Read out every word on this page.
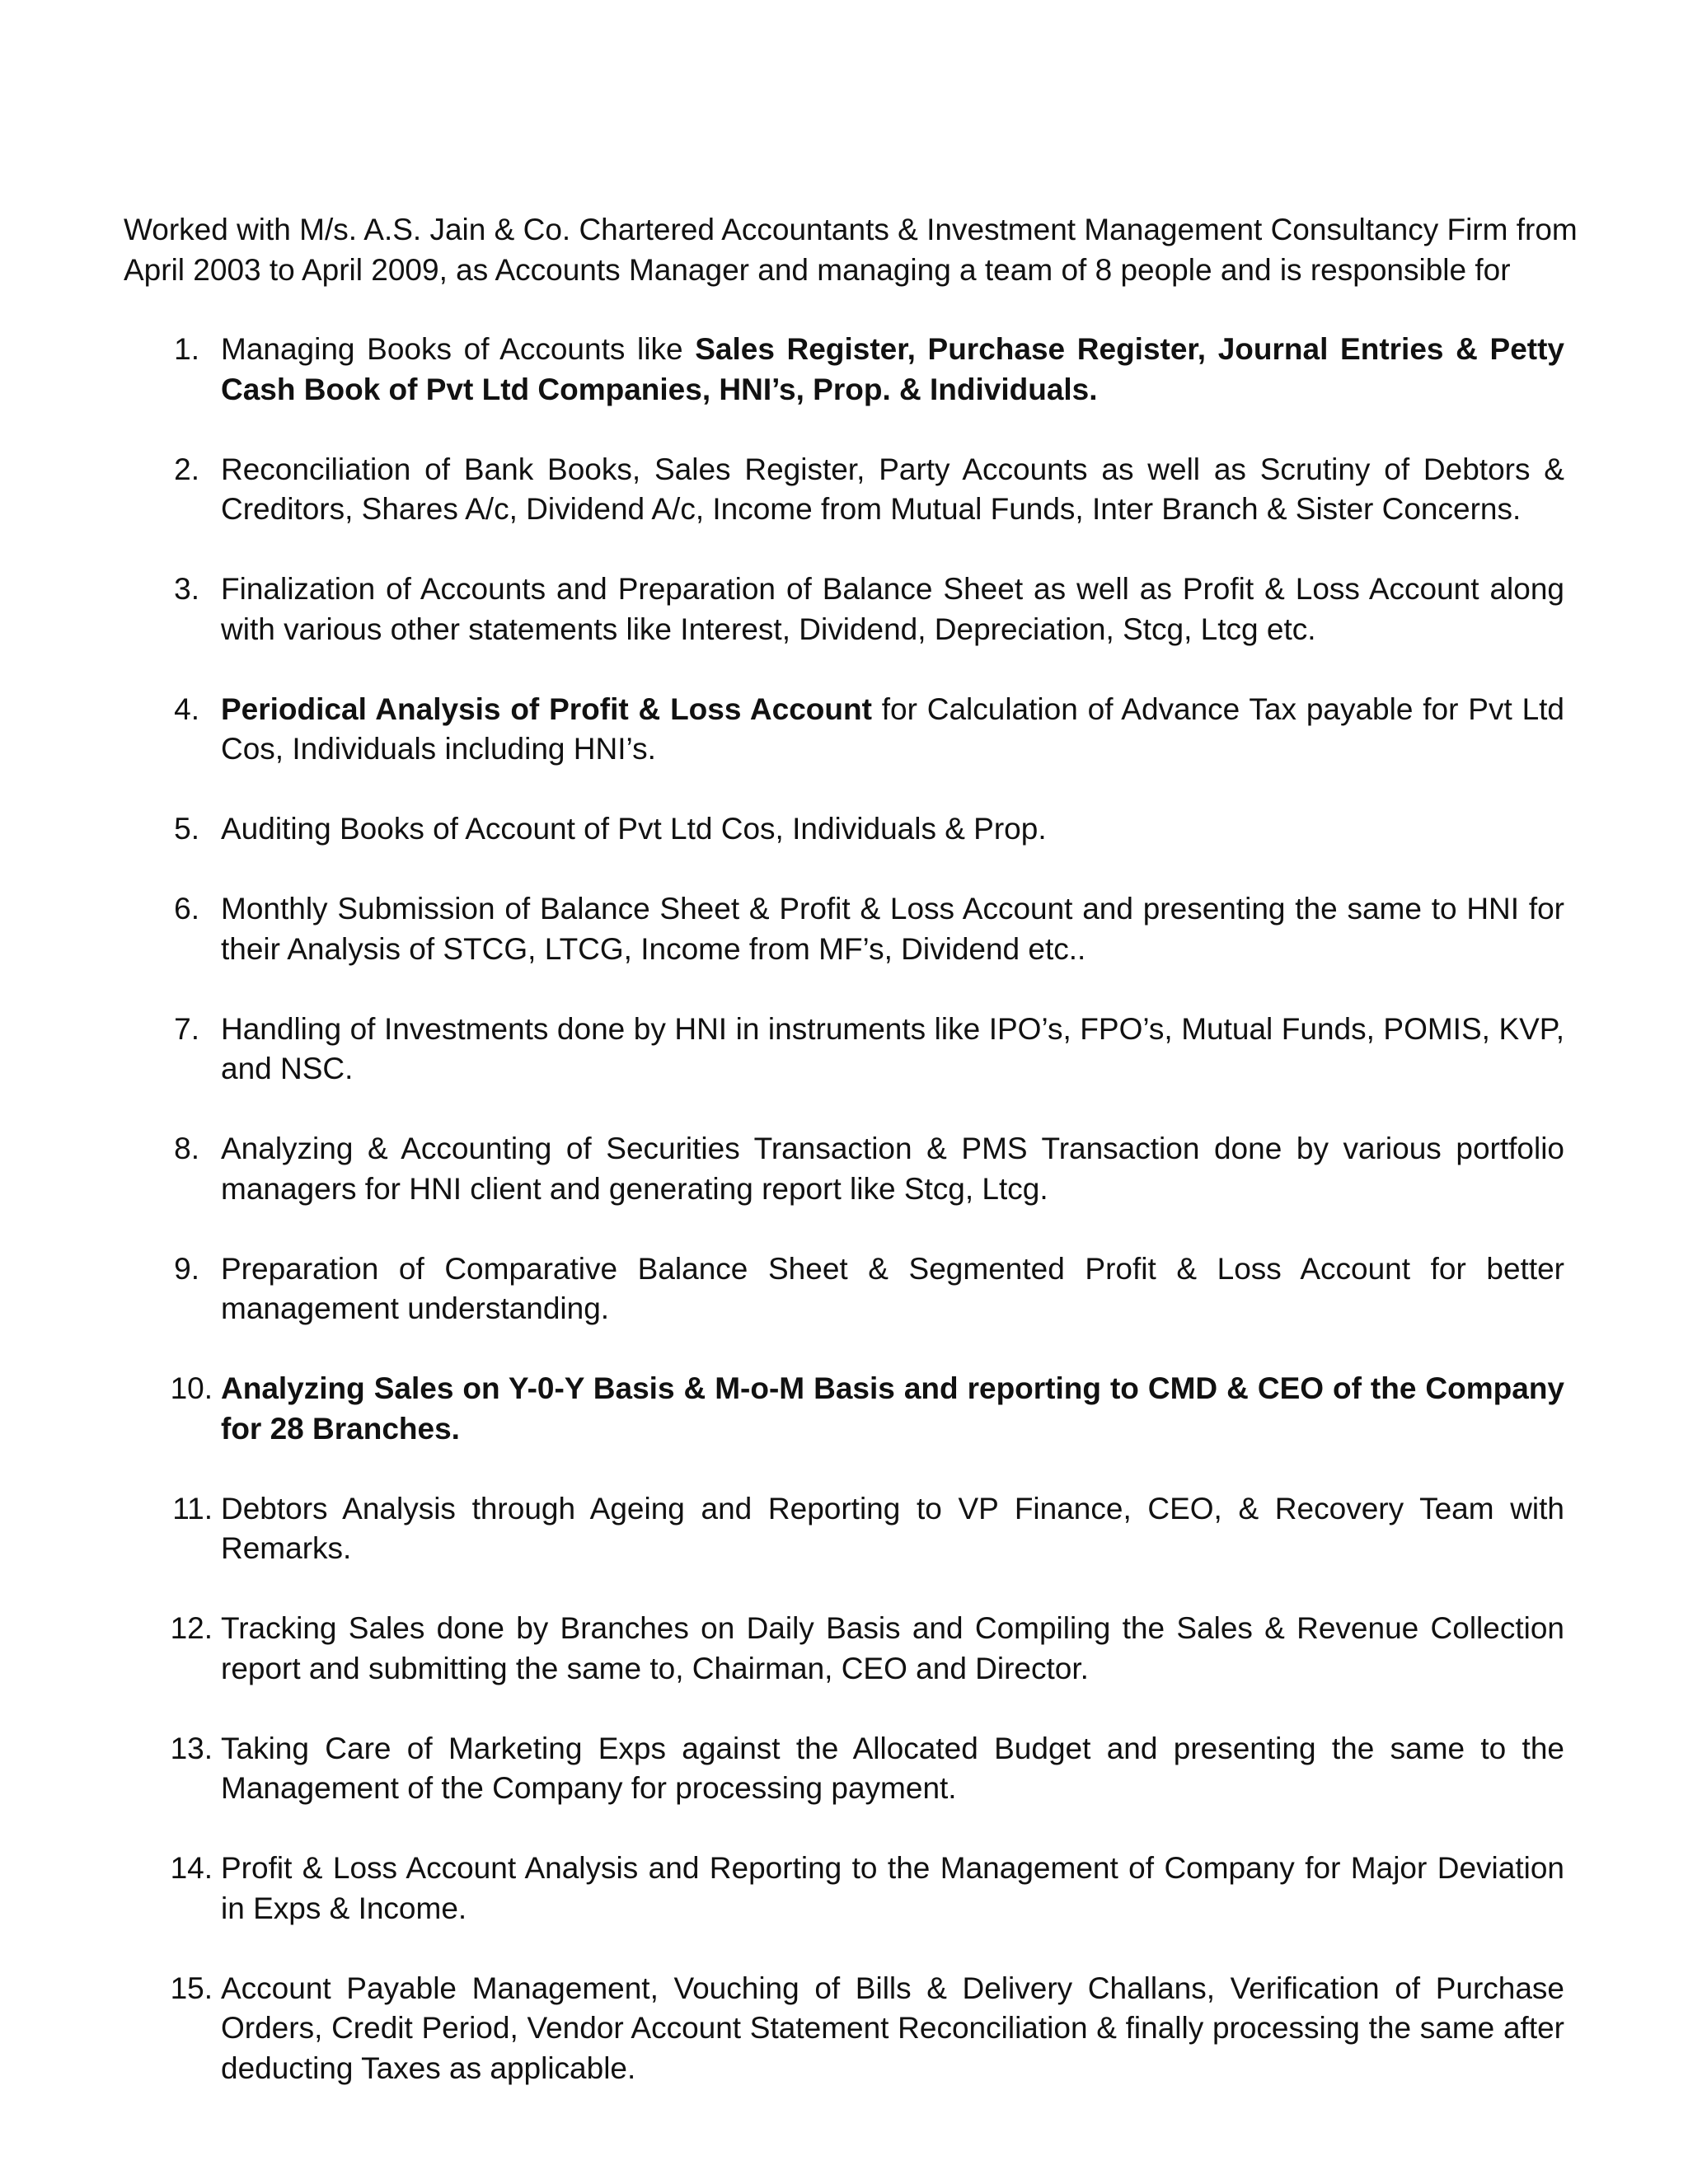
Worked with M/s. A.S. Jain & Co. Chartered Accountants & Investment Management Consultancy Firm from
April 2003 to April 2009, as Accounts Manager and managing a team of 8 people and is responsible for

1. Managing Books of Accounts like Sales Register, Purchase Register, Journal Entries & Petty Cash Book of Pvt Ltd Companies, HNI’s, Prop. & Individuals.
2. Reconciliation of Bank Books, Sales Register, Party Accounts as well as Scrutiny of Debtors & Creditors, Shares A/c, Dividend A/c, Income from Mutual Funds, Inter Branch & Sister Concerns.
3. Finalization of Accounts and Preparation of Balance Sheet as well as Profit & Loss Account along with various other statements like Interest, Dividend, Depreciation, Stcg, Ltcg etc.
4. Periodical Analysis of Profit & Loss Account for Calculation of Advance Tax payable for Pvt Ltd Cos, Individuals including HNI’s.
5. Auditing Books of Account of Pvt Ltd Cos, Individuals & Prop.
6. Monthly Submission of Balance Sheet & Profit & Loss Account and presenting the same to HNI for their Analysis of STCG, LTCG, Income from MF’s, Dividend etc..
7. Handling of Investments done by HNI in instruments like IPO’s, FPO’s, Mutual Funds, POMIS, KVP, and NSC.
8. Analyzing & Accounting of Securities Transaction & PMS Transaction done by various portfolio managers for HNI client and generating report like Stcg, Ltcg.
9. Preparation of Comparative Balance Sheet & Segmented Profit & Loss Account for better management understanding.
10. Analyzing Sales on Y-0-Y Basis & M-o-M Basis and reporting to CMD & CEO of the Company for 28 Branches.
11. Debtors Analysis through Ageing and Reporting to VP Finance, CEO, & Recovery Team with Remarks.
12. Tracking Sales done by Branches on Daily Basis and Compiling the Sales & Revenue Collection report and submitting the same to, Chairman, CEO and Director.
13. Taking Care of Marketing Exps against the Allocated Budget and presenting the same to the Management of the Company for processing payment.
14. Profit & Loss Account Analysis and Reporting to the Management of Company for Major Deviation in Exps & Income.
15. Account Payable Management, Vouching of Bills & Delivery Challans, Verification of Purchase Orders, Credit Period, Vendor Account Statement Reconciliation & finally processing the same after deducting Taxes as applicable.
